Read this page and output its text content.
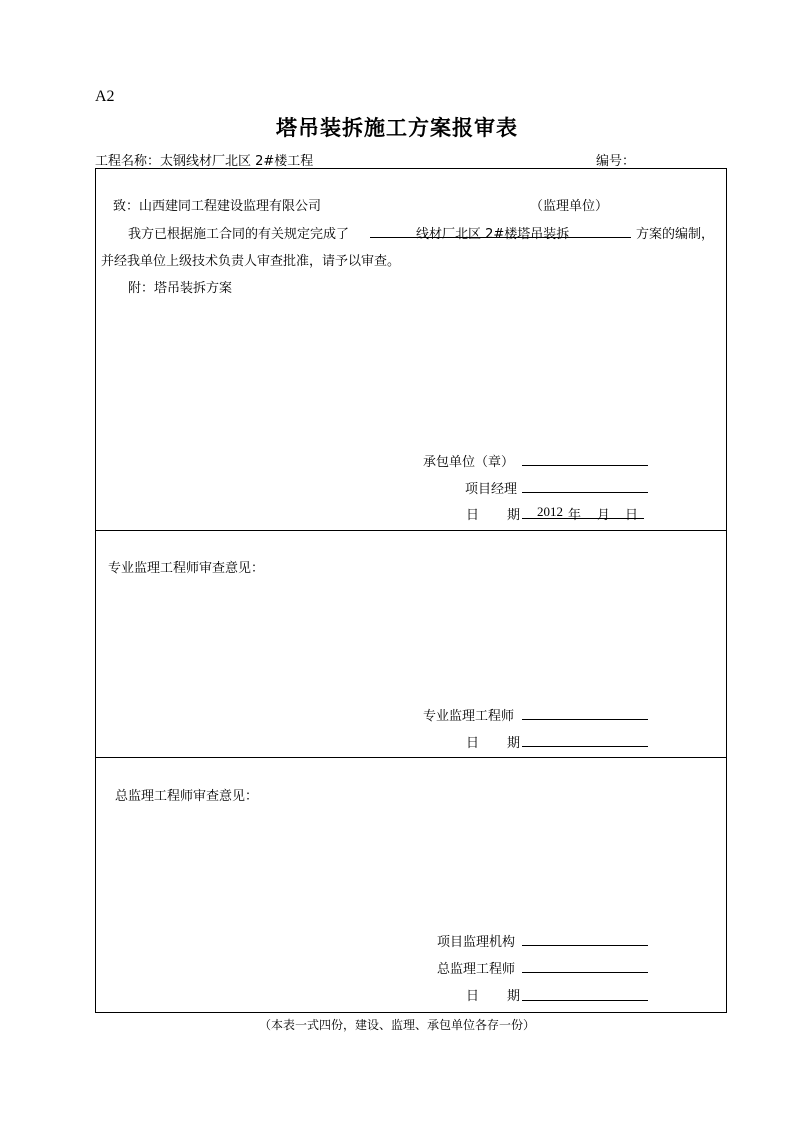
A2
塔吊装拆施工方案报审表
工程名称：太钢线材厂北区 2#楼工程	编号：
致：山西建同工程建设监理有限公司	（监理单位）
我方已根据施工合同的有关规定完成了	线材厂北区 2#楼塔吊装拆	方案的编制，
并经我单位上级技术负责人审查批准，请予以审查。
附：塔吊装拆方案
承包单位（章）
项目经理
日 期 2012 年 月 日
专业监理工程师审查意见：
专业监理工程师
日 期
总监理工程师审查意见：
项目监理机构
总监理工程师
日 期
（本表一式四份，建设、监理、承包单位各存一份）
